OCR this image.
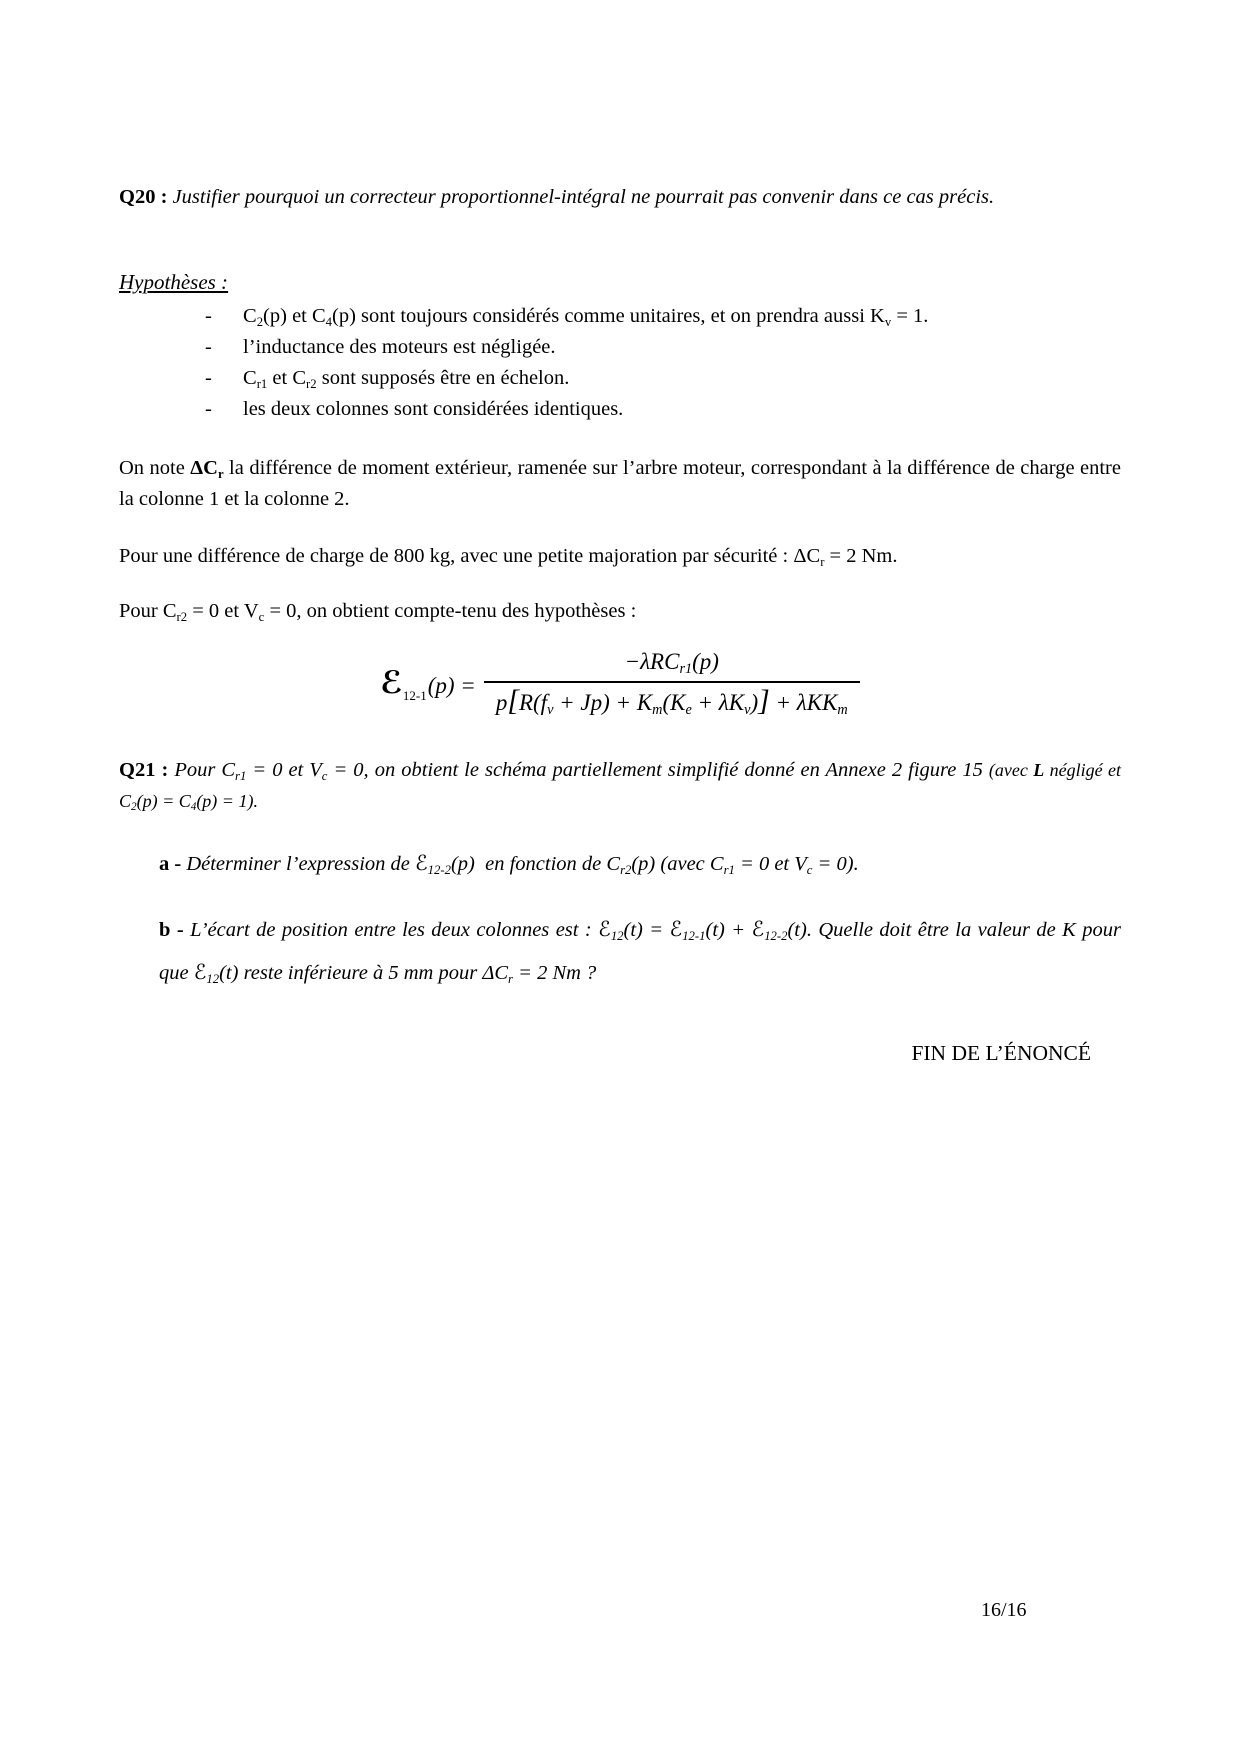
Q20 : Justifier pourquoi un correcteur proportionnel-intégral ne pourrait pas convenir dans ce cas précis.

Hypothèses :
-	$C_2(p)$ et $C_4(p)$ sont toujours considérés comme unitaires, et on prendra aussi $K_v = 1$.
-	l’inductance des moteurs est négligée.
-	$C_{r1}$ et $C_{r2}$ sont supposés être en échelon.
-	les deux colonnes sont considérées identiques.

On note $\Delta C_r$ la différence de moment extérieur, ramenée sur l’arbre moteur, correspondant à la différence de charge entre la colonne 1 et la colonne 2.

Pour une différence de charge de 800 kg, avec une petite majoration par sécurité : $\Delta C_r = 2$ Nm.

Pour $C_{r2} = 0$ et $V_c = 0$, on obtient compte-tenu des hypothèses :

ℰ 12-1 $(p) = \frac{-\lambda RC_{r1}(p)}{p[R(f_v + Jp) + K_m(K_e + \lambda K_v)] + \lambda KK_m}$

Q21 : Pour $C_{r1} = 0$ et $V_c = 0$, on obtient le schéma partiellement simplifié donné en Annexe 2 figure 15 (avec L négligé et $C_2(p) = C_4(p) = 1$).

a - Déterminer l’expression de ℰ$_{12-2}$(p)  en fonction de $C_{r2}(p)$ (avec $C_{r1} = 0$ et $V_c = 0$).

b - L’écart de position entre les deux colonnes est : ℰ$_{12}$(t) = ℰ$_{12-1}$(t) + ℰ$_{12-2}$(t). Quelle doit être la valeur de K pour que ℰ$_{12}$(t) reste inférieure à 5 mm pour $\Delta C_r = 2$ Nm ?

FIN DE L’ÉNONCÉ
16/16
